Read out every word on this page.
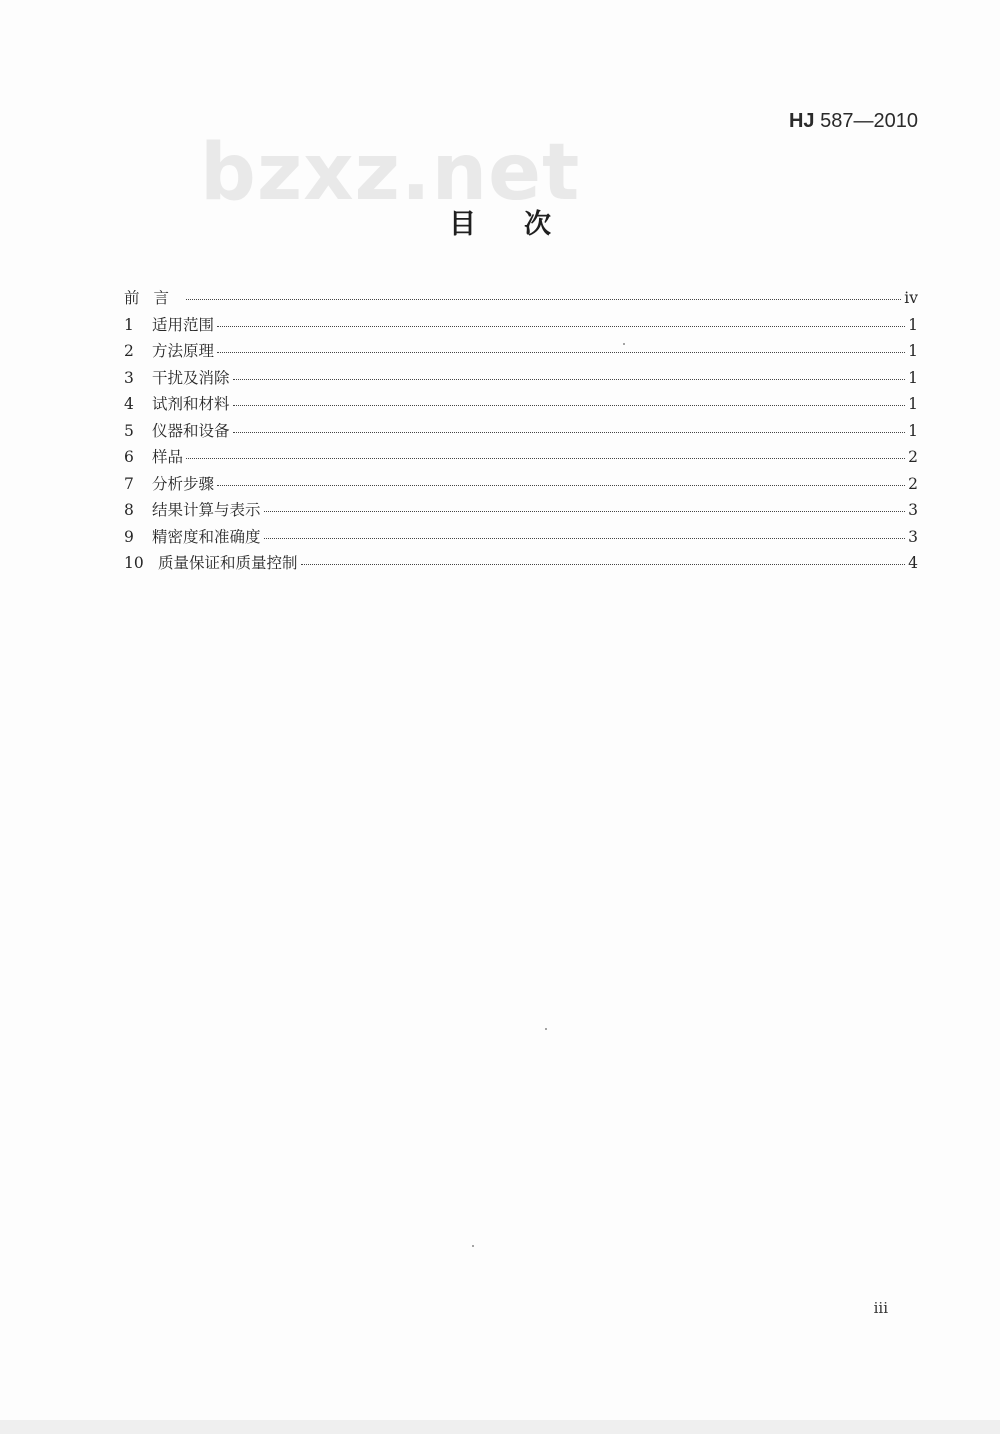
HJ 587—2010
bzxz.net
目次
前言	iv
1	适用范围	1
2	方法原理	1
3	干扰及消除	1
4	试剂和材料	1
5	仪器和设备	1
6	样品	2
7	分析步骤	2
8	结果计算与表示	3
9	精密度和准确度	3
10 质量保证和质量控制	4
iii
